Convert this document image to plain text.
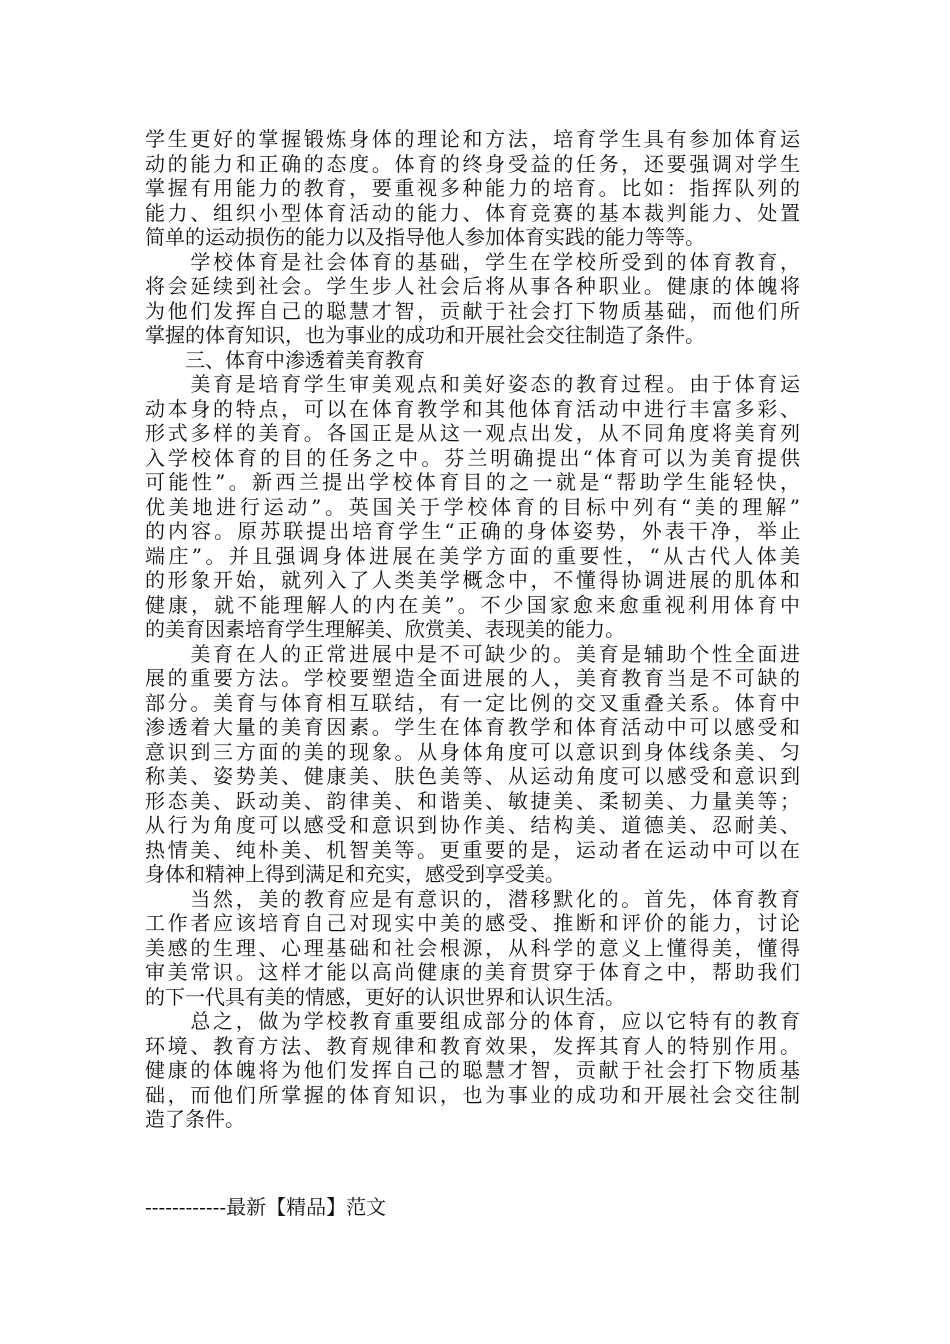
学生更好的掌握锻炼身体的理论和方法，培育学生具有参加体育运
动的能力和正确的态度。体育的终身受益的任务，还要强调对学生
掌握有用能力的教育，要重视多种能力的培育。比如：指挥队列的
能力、组织小型体育活动的能力、体育竞赛的基本裁判能力、处置
简单的运动损伤的能力以及指导他人参加体育实践的能力等等。
　　学校体育是社会体育的基础，学生在学校所受到的体育教育，
将会延续到社会。学生步人社会后将从事各种职业。健康的体魄将
为他们发挥自己的聪慧才智，贡献于社会打下物质基础，而他们所
掌握的体育知识，也为事业的成功和开展社会交往制造了条件。
　　三、体育中渗透着美育教育
　　美育是培育学生审美观点和美好姿态的教育过程。由于体育运
动本身的特点，可以在体育教学和其他体育活动中进行丰富多彩、
形式多样的美育。各国正是从这一观点出发，从不同角度将美育列
入学校体育的目的任务之中。芬兰明确提出“体育可以为美育提供
可能性”。新西兰提出学校体育目的之一就是“帮助学生能轻快，
优美地进行运动”。英国关于学校体育的目标中列有“美的理解”
的内容。原苏联提出培育学生“正确的身体姿势，外表干净，举止
端庄”。并且强调身体进展在美学方面的重要性，“从古代人体美
的形象开始，就列入了人类美学概念中，不懂得协调进展的肌体和
健康，就不能理解人的内在美”。不少国家愈来愈重视利用体育中
的美育因素培育学生理解美、欣赏美、表现美的能力。
　　美育在人的正常进展中是不可缺少的。美育是辅助个性全面进
展的重要方法。学校要塑造全面进展的人，美育教育当是不可缺的
部分。美育与体育相互联结，有一定比例的交叉重叠关系。体育中
渗透着大量的美育因素。学生在体育教学和体育活动中可以感受和
意识到三方面的美的现象。从身体角度可以意识到身体线条美、匀
称美、姿势美、健康美、肤色美等、从运动角度可以感受和意识到
形态美、跃动美、韵律美、和谐美、敏捷美、柔韧美、力量美等；
从行为角度可以感受和意识到协作美、结构美、道德美、忍耐美、
热情美、纯朴美、机智美等。更重要的是，运动者在运动中可以在
身体和精神上得到满足和充实，感受到享受美。
　　当然，美的教育应是有意识的，潜移默化的。首先，体育教育
工作者应该培育自己对现实中美的感受、推断和评价的能力，讨论
美感的生理、心理基础和社会根源，从科学的意义上懂得美，懂得
审美常识。这样才能以高尚健康的美育贯穿于体育之中，帮助我们
的下一代具有美的情感，更好的认识世界和认识生活。
　　总之，做为学校教育重要组成部分的体育，应以它特有的教育
环境、教育方法、教育规律和教育效果，发挥其育人的特别作用。
健康的体魄将为他们发挥自己的聪慧才智，贡献于社会打下物质基
础，而他们所掌握的体育知识，也为事业的成功和开展社会交往制
造了条件。
------------最新【精品】范文
